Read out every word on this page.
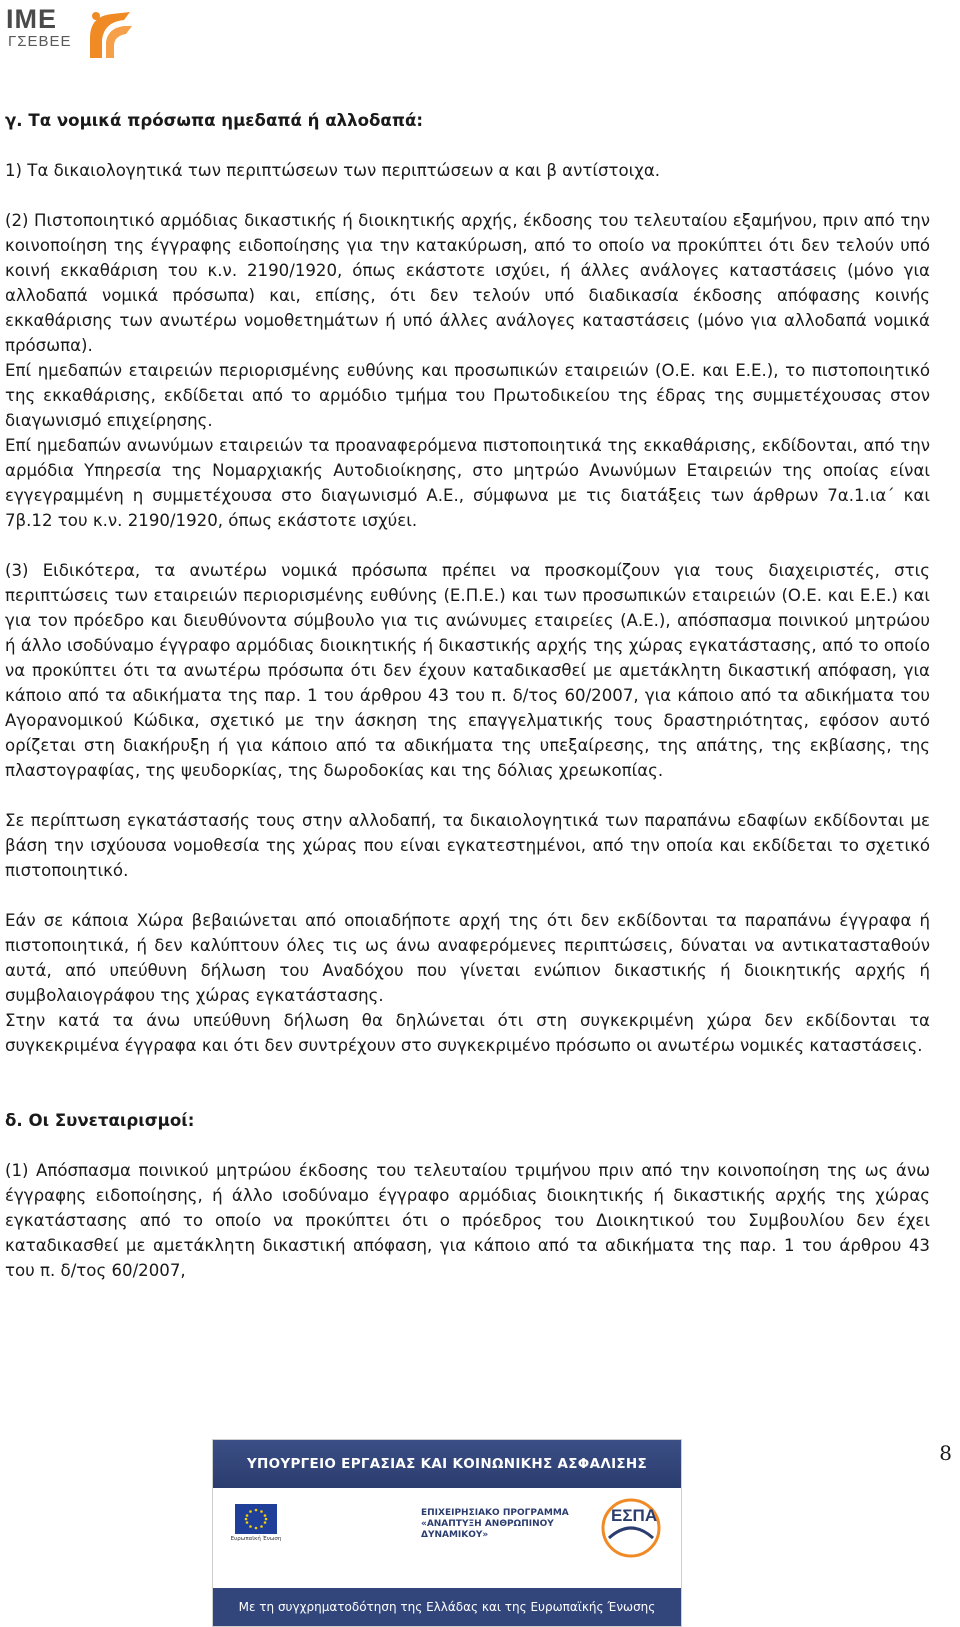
IME
ΓΣΕΒΕΕ

γ. Τα νομικά πρόσωπα ημεδαπά ή αλλοδαπά:

1) Τα δικαιολογητικά των περιπτώσεων των περιπτώσεων α και β αντίστοιχα.

(2) Πιστοποιητικό αρμόδιας δικαστικής ή διοικητικής αρχής, έκδοσης του τελευταίου εξαμήνου, πριν από την κοινοποίηση της έγγραφης ειδοποίησης για την κατακύρωση, από το οποίο να προκύπτει ότι δεν τελούν υπό κοινή εκκαθάριση του κ.ν. 2190/1920, όπως εκάστοτε ισχύει, ή άλλες ανάλογες καταστάσεις (μόνο για αλλοδαπά νομικά πρόσωπα) και, επίσης, ότι δεν τελούν υπό διαδικασία έκδοσης απόφασης κοινής εκκαθάρισης των ανωτέρω νομοθετημάτων ή υπό άλλες ανάλογες καταστάσεις (μόνο για αλλοδαπά νομικά πρόσωπα).

Επί ημεδαπών εταιρειών περιορισμένης ευθύνης και προσωπικών εταιρειών (Ο.Ε. και Ε.Ε.), το πιστοποιητικό της εκκαθάρισης, εκδίδεται από το αρμόδιο τμήμα του Πρωτοδικείου της έδρας της συμμετέχουσας στον διαγωνισμό επιχείρησης.

Επί ημεδαπών ανωνύμων εταιρειών τα προαναφερόμενα πιστοποιητικά της εκκαθάρισης, εκδίδονται, από την αρμόδια Υπηρεσία της Νομαρχιακής Αυτοδιοίκησης, στο μητρώο Ανωνύμων Εταιρειών της οποίας είναι εγγεγραμμένη η συμμετέχουσα στο διαγωνισμό Α.Ε., σύμφωνα με τις διατάξεις των άρθρων 7α.1.ια΄ και 7β.12 του κ.ν. 2190/1920, όπως εκάστοτε ισχύει.

(3) Ειδικότερα, τα ανωτέρω νομικά πρόσωπα πρέπει να προσκομίζουν για τους διαχειριστές, στις περιπτώσεις των εταιρειών περιορισμένης ευθύνης (Ε.Π.Ε.) και των προσωπικών εταιρειών (Ο.Ε. και Ε.Ε.) και για τον πρόεδρο και διευθύνοντα σύμβουλο για τις ανώνυμες εταιρείες (Α.Ε.), απόσπασμα ποινικού μητρώου ή άλλο ισοδύναμο έγγραφο αρμόδιας διοικητικής ή δικαστικής αρχής της χώρας εγκατάστασης, από το οποίο να προκύπτει ότι τα ανωτέρω πρόσωπα ότι δεν έχουν καταδικασθεί με αμετάκλητη δικαστική απόφαση, για κάποιο από τα αδικήματα της παρ. 1 του άρθρου 43 του π. δ/τος 60/2007, για κάποιο από τα αδικήματα του Αγορανομικού Κώδικα, σχετικό με την άσκηση της επαγγελματικής τους δραστηριότητας, εφόσον αυτό ορίζεται στη διακήρυξη ή για κάποιο από τα αδικήματα της υπεξαίρεσης, της απάτης, της εκβίασης, της πλαστογραφίας, της ψευδορκίας, της δωροδοκίας και της δόλιας χρεωκοπίας.

Σε περίπτωση εγκατάστασής τους στην αλλοδαπή, τα δικαιολογητικά των παραπάνω εδαφίων εκδίδονται με βάση την ισχύουσα νομοθεσία της χώρας που είναι εγκατεστημένοι, από την οποία και εκδίδεται το σχετικό πιστοποιητικό.

Εάν σε κάποια Χώρα βεβαιώνεται από οποιαδήποτε αρχή της ότι δεν εκδίδονται τα παραπάνω έγγραφα ή πιστοποιητικά, ή δεν καλύπτουν όλες τις ως άνω αναφερόμενες περιπτώσεις, δύναται να αντικατασταθούν αυτά, από υπεύθυνη δήλωση του Αναδόχου που γίνεται ενώπιον δικαστικής ή διοικητικής αρχής ή συμβολαιογράφου της χώρας εγκατάστασης.

Στην κατά τα άνω υπεύθυνη δήλωση θα δηλώνεται ότι στη συγκεκριμένη χώρα δεν εκδίδονται τα συγκεκριμένα έγγραφα και ότι δεν συντρέχουν στο συγκεκριμένο πρόσωπο οι ανωτέρω νομικές καταστάσεις.

δ. Οι Συνεταιρισμοί:

(1) Απόσπασμα ποινικού μητρώου έκδοσης του τελευταίου τριμήνου πριν από την κοινοποίηση της ως άνω έγγραφης ειδοποίησης, ή άλλο ισοδύναμο έγγραφο αρμόδιας διοικητικής ή δικαστικής αρχής της χώρας εγκατάστασης από το οποίο να προκύπτει ότι ο πρόεδρος του Διοικητικού του Συμβουλίου δεν έχει καταδικασθεί με αμετάκλητη δικαστική απόφαση, για κάποιο από τα αδικήματα της παρ. 1 του άρθρου 43 του π. δ/τος 60/2007,

8
ΥΠΟΥΡΓΕΙΟ ΕΡΓΑΣΙΑΣ ΚΑΙ ΚΟΙΝΩΝΙΚΗΣ ΑΣΦΑΛΙΣΗΣ
Ευρωπαϊκή Ένωση
ΕΠΙΧΕΙΡΗΣΙΑΚΟ ΠΡΟΓΡΑΜΜΑ
«ΑΝΑΠΤΥΞΗ ΑΝΘΡΩΠΙΝΟΥ ΔΥΝΑΜΙΚΟΥ»
ΕΣΠΑ
Με τη συγχρηματοδότηση της Ελλάδας και της Ευρωπαϊκής Ένωσης
